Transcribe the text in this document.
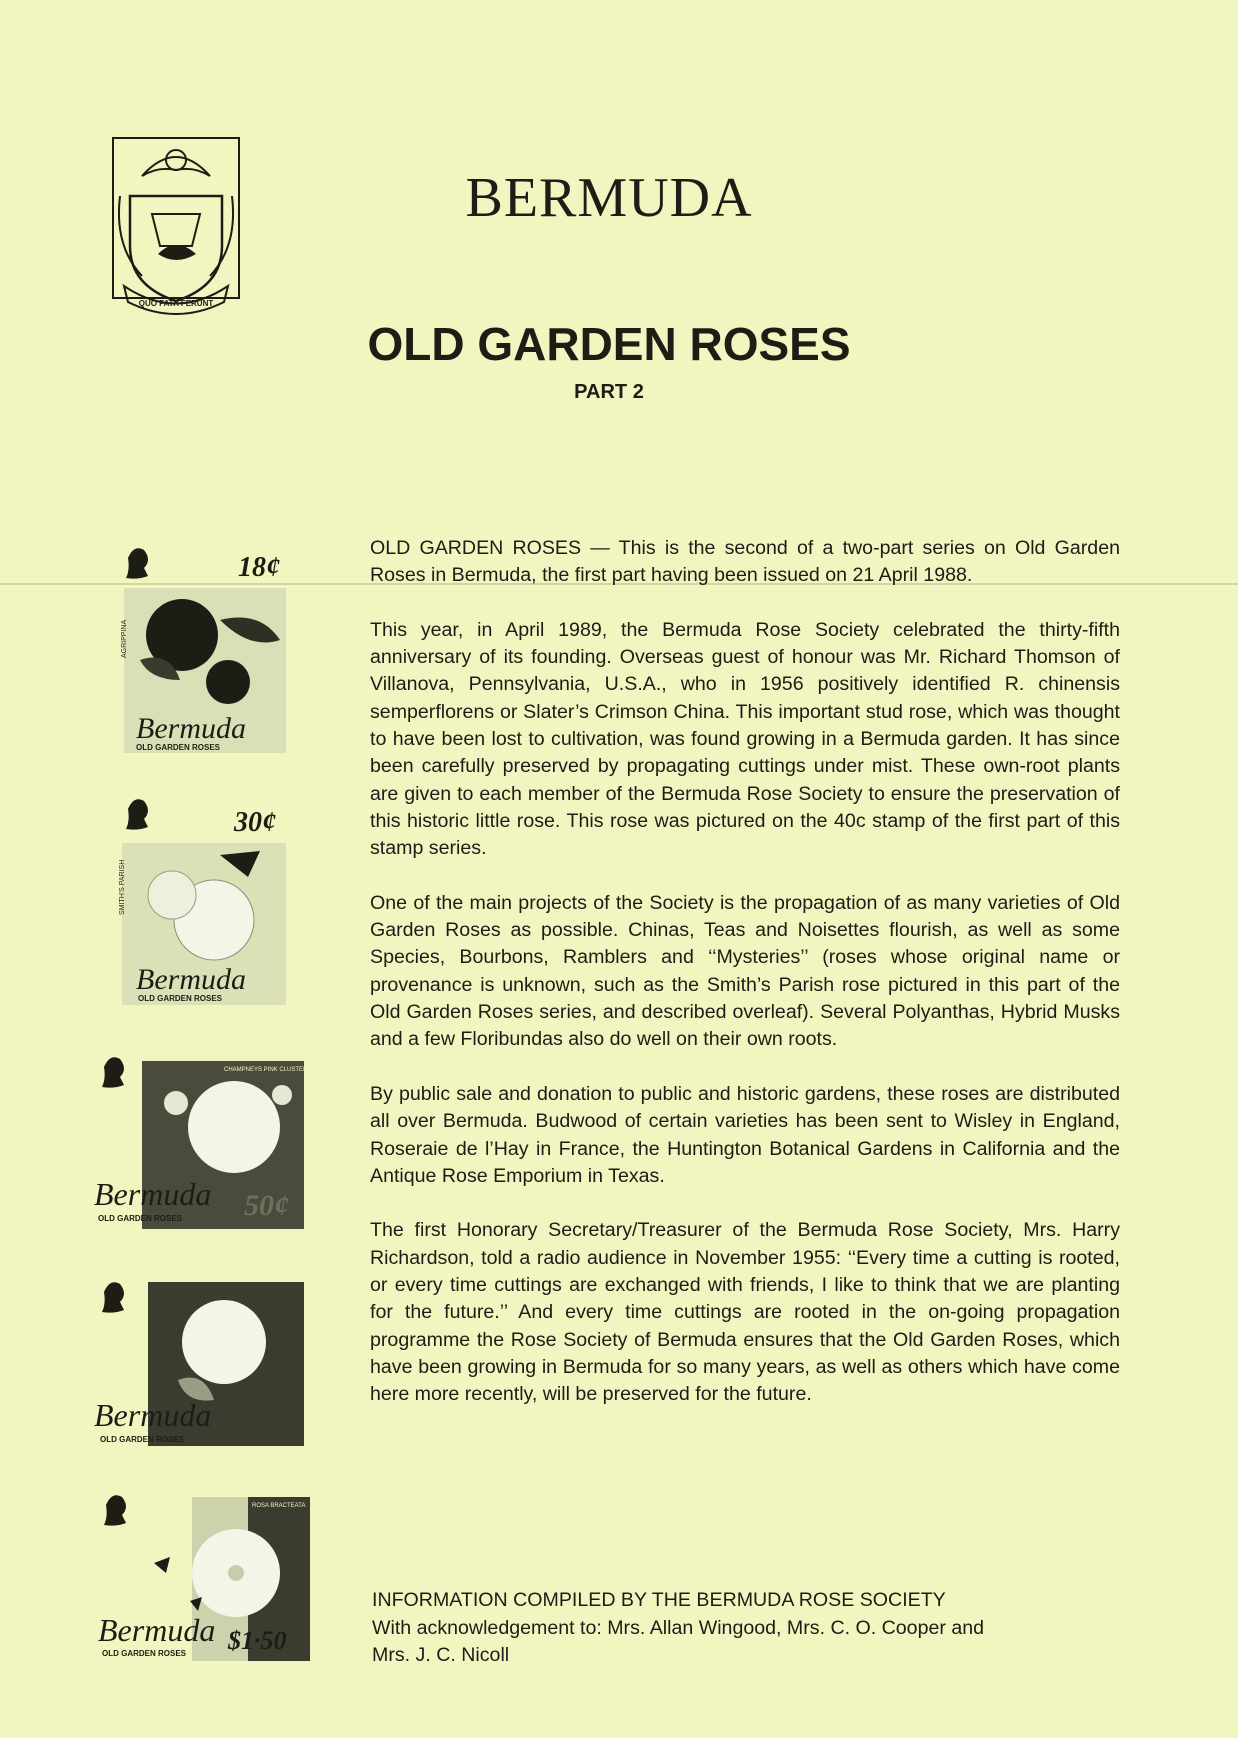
QUO FATA FERUNT
BERMUDA
OLD GARDEN ROSES
PART 2
18¢
AGRIPPINA
Bermuda
OLD GARDEN ROSES
30¢
SMITH'S PARISH
Bermuda
OLD GARDEN ROSES
CHAMPNEYS PINK CLUSTER
50¢
Bermuda
OLD GARDEN ROSES
Bermuda
OLD GARDEN ROSES
ROSA BRACTEATA
$1·50
Bermuda
OLD GARDEN ROSES

OLD GARDEN ROSES — This is the second of a two-part series on Old Garden Roses in Bermuda, the first part having been issued on 21 April 1988.

This year, in April 1989, the Bermuda Rose Society celebrated the thirty-fifth anniversary of its founding. Overseas guest of honour was Mr. Richard Thomson of Villanova, Pennsylvania, U.S.A., who in 1956 positively identified R. chinensis semperflorens or Slater’s Crimson China. This important stud rose, which was thought to have been lost to cultivation, was found growing in a Bermuda garden. It has since been carefully preserved by propagating cuttings under mist. These own-root plants are given to each member of the Bermuda Rose Society to ensure the preservation of this historic little rose. This rose was pictured on the 40c stamp of the first part of this stamp series.

One of the main projects of the Society is the propagation of as many varieties of Old Garden Roses as possible. Chinas, Teas and Noisettes flourish, as well as some Species, Bourbons, Ramblers and ‘‘Mysteries’’ (roses whose original name or provenance is unknown, such as the Smith’s Parish rose pictured in this part of the Old Garden Roses series, and described overleaf). Several Polyanthas, Hybrid Musks and a few Floribundas also do well on their own roots.

By public sale and donation to public and historic gardens, these roses are distributed all over Bermuda. Budwood of certain varieties has been sent to Wisley in England, Roseraie de l’Hay in France, the Huntington Botanical Gardens in California and the Antique Rose Emporium in Texas.

The first Honorary Secretary/Treasurer of the Bermuda Rose Society, Mrs. Harry Richardson, told a radio audience in November 1955: ‘‘Every time a cutting is rooted, or every time cuttings are exchanged with friends, I like to think that we are planting for the future.’’ And every time cuttings are rooted in the on-going propagation programme the Rose Society of Bermuda ensures that the Old Garden Roses, which have been growing in Bermuda for so many years, as well as others which have come here more recently, will be preserved for the future.

INFORMATION COMPILED BY THE BERMUDA ROSE SOCIETY
With acknowledgement to: Mrs. Allan Wingood, Mrs. C. O. Cooper and
Mrs. J. C. Nicoll
